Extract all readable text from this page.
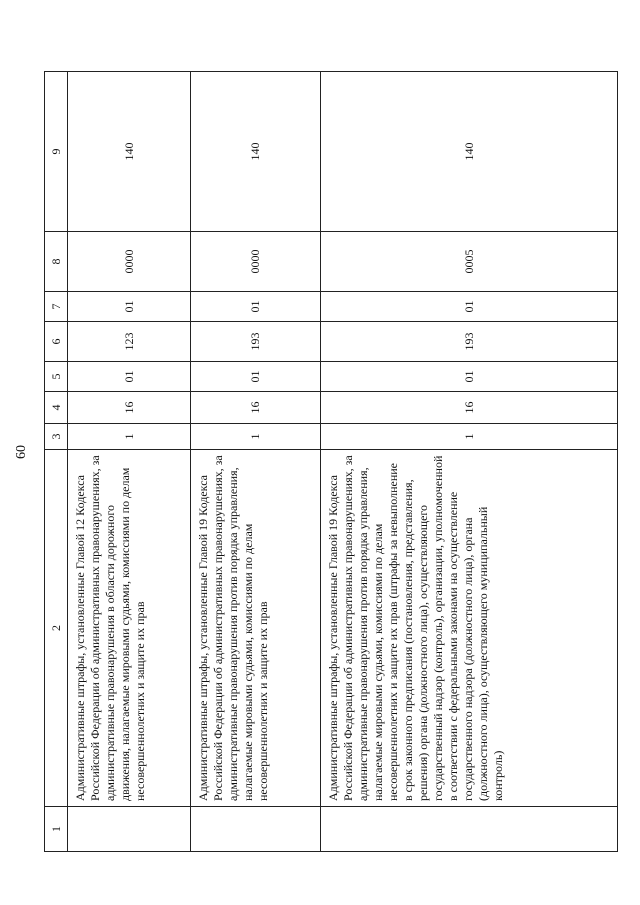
60
1	2	3	4	5	6	7	8	9
	Административные штрафы, установленные Главой 12 Кодекса Российской Федерации об административных правонарушениях, за административные правонарушения в области дорожного движения, налагаемые мировыми судьями, комиссиями по делам несовершеннолетних и защите их прав	1	16	01	123	01	0000	140
	Административные штрафы, установленные Главой 19 Кодекса Российской Федерации об административных правонарушениях, за административные правонарушения против порядка управления, налагаемые мировыми судьями, комиссиями по делам несовершеннолетних и защите их прав	1	16	01	193	01	0000	140
	Административные штрафы, установленные Главой 19 Кодекса Российской Федерации об административных правонарушениях, за административные правонарушения против порядка управления, налагаемые мировыми судьями, комиссиями по делам несовершеннолетних и защите их прав (штрафы за невыполнение в срок законного предписания (постановления, представления, решения) органа (должностного лица), осуществляющего государственный надзор (контроль), организации, уполномоченной в соответствии с федеральными законами на осуществление государственного надзора (должностного лица), органа (должностного лица), осуществляющего муниципальный контроль)	1	16	01	193	01	0005	140
